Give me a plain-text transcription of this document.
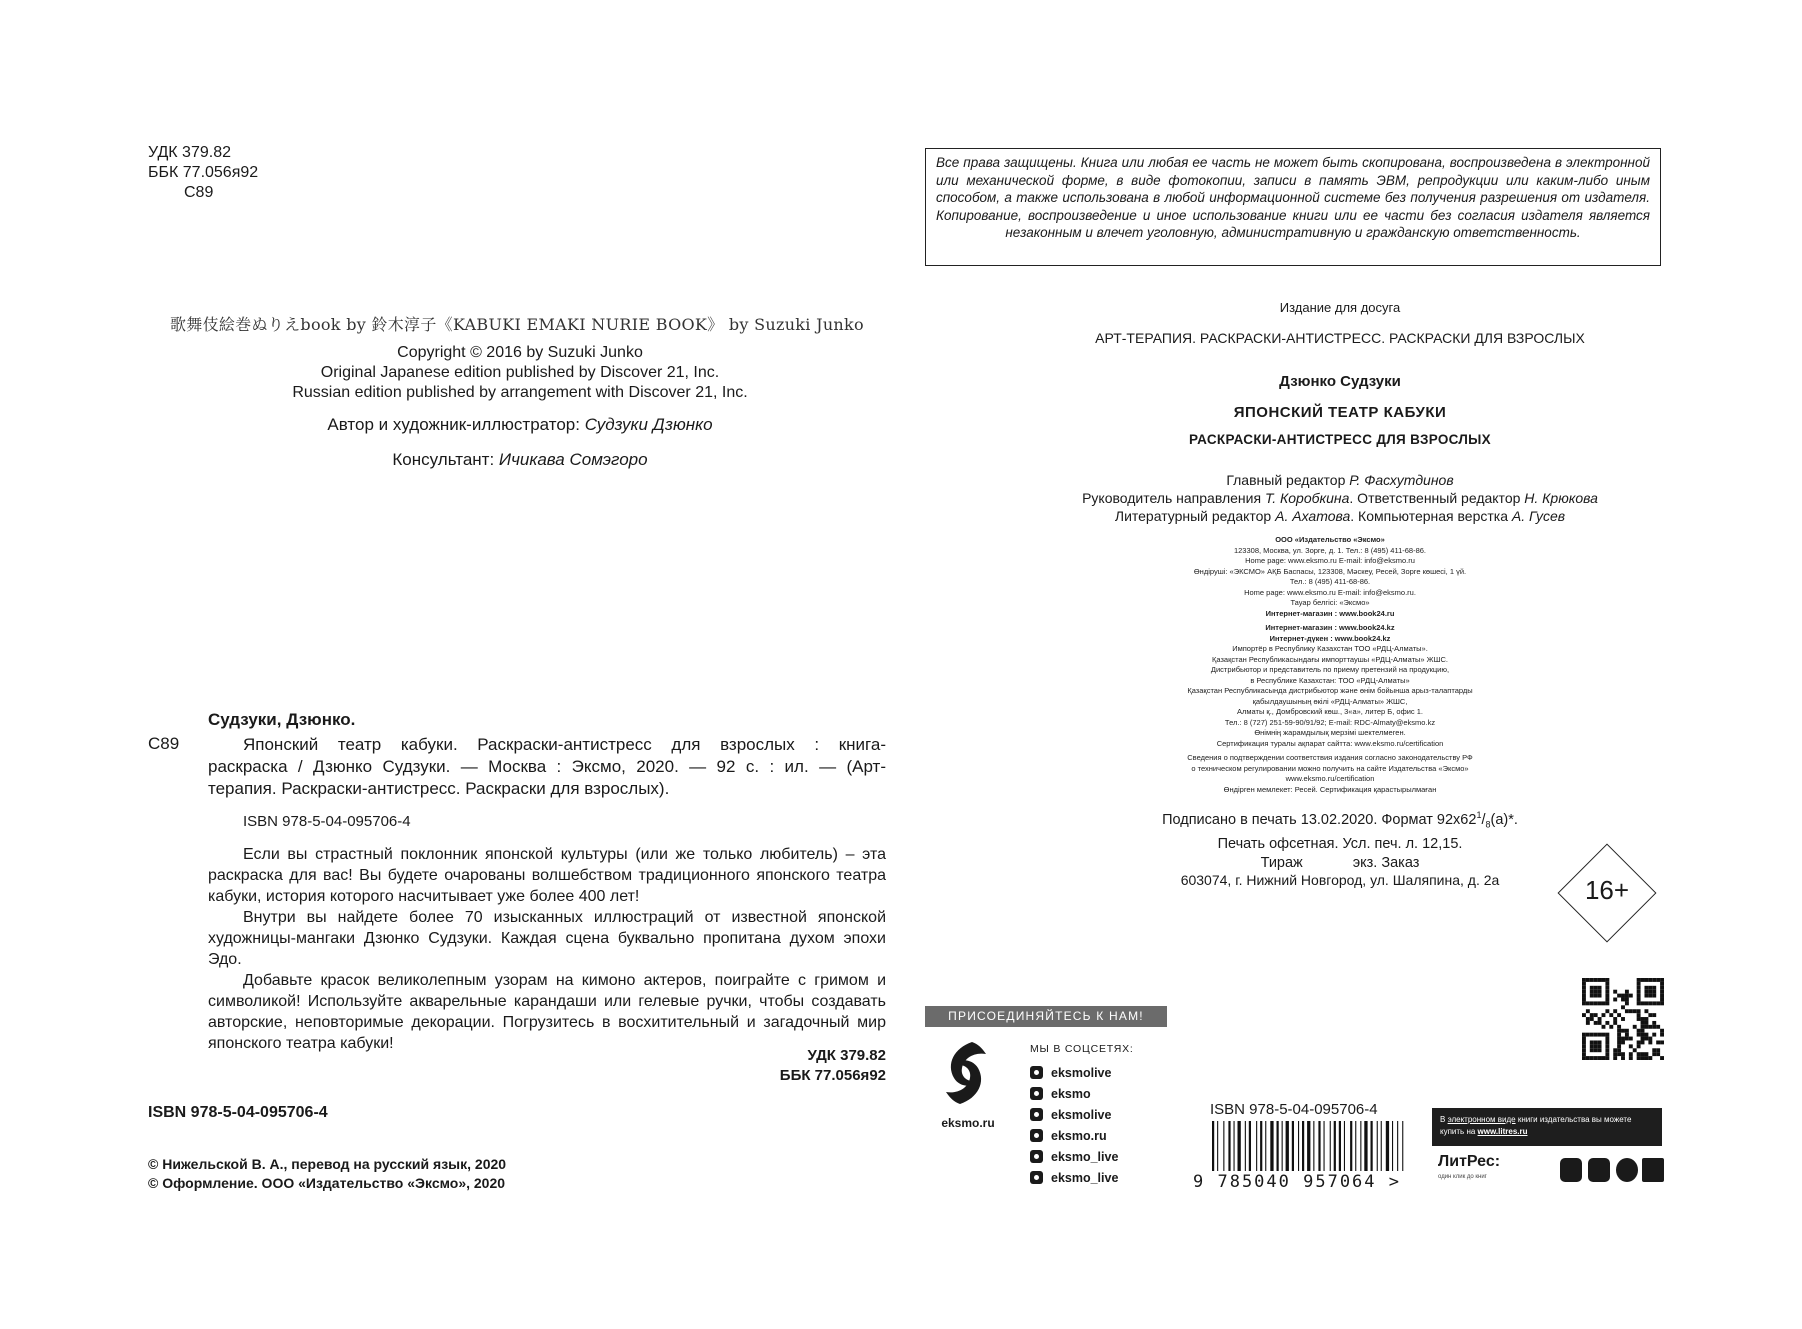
УДК 379.82
ББК 77.056я92
С89
歌舞伎絵巻ぬりえbook by 鈴木淳子《KABUKI EMAKI NURIE BOOK》 by Suzuki Junko
Copyright © 2016 by Suzuki Junko
Original Japanese edition published by Discover 21, Inc.
Russian edition published by arrangement with Discover 21, Inc.
Автор и художник-иллюстратор: Судзуки Дзюнко
Консультант: Ичикава Сомэгоро
Судзуки, Дзюнко.
С89	Японский театр кабуки. Раскраски-антистресс для взрослых : книга-
раскраска / Дзюнко Судзуки. — Москва : Эксмо, 2020. — 92 с. : ил. — (Арт-
терапия. Раскраски-антистресс. Раскраски для взрослых).
ISBN 978-5-04-095706-4

Если вы страстный поклонник японской культуры (или же только любитель) – эта раскраска для вас! Вы будете очарованы волшебством традиционного японского театра кабуки, история которого насчитывает уже более 400 лет!

Внутри вы найдете более 70 изысканных иллюстраций от известной японской художницы-мангаки Дзюнко Судзуки. Каждая сцена буквально пропитана духом эпохи Эдо.

Добавьте красок великолепным узорам на кимоно актеров, поиграйте с гримом и символикой! Используйте акварельные карандаши или гелевые ручки, чтобы создавать авторские, неповторимые декорации. Погрузитесь в восхитительный и загадочный мир японского театра кабуки!

УДК 379.82
ББК 77.056я92
ISBN 978-5-04-095706-4
© Нижельской В. А., перевод на русский язык, 2020
© Оформление. ООО «Издательство «Эксмо», 2020
Все права защищены. Книга или любая ее часть не может быть скопирована, воспроизведена в электронной или механической форме, в виде фотокопии, записи в память ЭВМ, репродукции или каким-либо иным способом, а также использована в любой информационной системе без получения разрешения от издателя. Копирование, воспроизведение и иное использование книги или ее части без согласия издателя является незаконным и влечет уголовную, административную и гражданскую ответственность.
Издание для досуга
АРТ-ТЕРАПИЯ. РАСКРАСКИ-АНТИСТРЕСС. РАСКРАСКИ ДЛЯ ВЗРОСЛЫХ
Дзюнко Судзуки
ЯПОНСКИЙ ТЕАТР КАБУКИ
РАСКРАСКИ-АНТИСТРЕСС ДЛЯ ВЗРОСЛЫХ
Главный редактор Р. Фасхутдинов
Руководитель направления Т. Коробкина. Ответственный редактор Н. Крюкова
Литературный редактор А. Ахатова. Компьютерная верстка А. Гусев
ООО «Издательство «Эксмо»
123308, Москва, ул. Зорге, д. 1. Тел.: 8 (495) 411-68-86.
Home page: www.eksmo.ru E-mail: info@eksmo.ru
Өндіруші: «ЭКСМО» АҚБ Баспасы, 123308, Мәскеу, Ресей, Зорге көшесі, 1 үй.
Тел.: 8 (495) 411-68-86.
Home page: www.eksmo.ru E-mail: info@eksmo.ru.
Тауар белгісі: «Эксмо»
Интернет-магазин : www.book24.ru
Интернет-магазин : www.book24.kz
Интернет-дүкен : www.book24.kz
Импортёр в Республику Казахстан ТОО «РДЦ-Алматы».
Қазақстан Республикасындағы импорттаушы «РДЦ-Алматы» ЖШС.
Дистрибьютор и представитель по приему претензий на продукцию,
в Республике Казахстан: ТОО «РДЦ-Алматы»
Қазақстан Республикасында дистрибьютор және өнім бойынша арыз-талаптарды
қабылдаушының өкілі «РДЦ-Алматы» ЖШС,
Алматы қ., Домбровский көш., 3«а», литер Б, офис 1.
Тел.: 8 (727) 251-59-90/91/92; E-mail: RDC-Almaty@eksmo.kz
Өнімнің жарамдылық мерзімі шектелмеген.
Сертификация туралы ақпарат сайтта: www.eksmo.ru/certification
Сведения о подтверждении соответствия издания согласно законодательству РФ
о техническом регулировании можно получить на сайте Издательства «Эксмо»
www.eksmo.ru/certification
Өндірген мемлекет: Ресей. Сертификация қарастырылмаған
Подписано в печать 13.02.2020. Формат $92х62^1/_8(а)*$.
Печать офсетная. Усл. печ. л. 12,15.
Тираж	экз. Заказ
603074, г. Нижний Новгород, ул. Шаляпина, д. 2а	16+
ПРИСОЕДИНЯЙТЕСЬ К НАМ!
eksmo.ru
МЫ В СОЦСЕТЯХ:
eksmolive
eksmo
eksmolive
eksmo.ru
eksmo_live
eksmo_live
ISBN 978-5-04-095706-4
9 785040 957064 >
В электронном виде книги издательства вы можете
купить на www.litres.ru
ЛитРес:
один клик до книг
